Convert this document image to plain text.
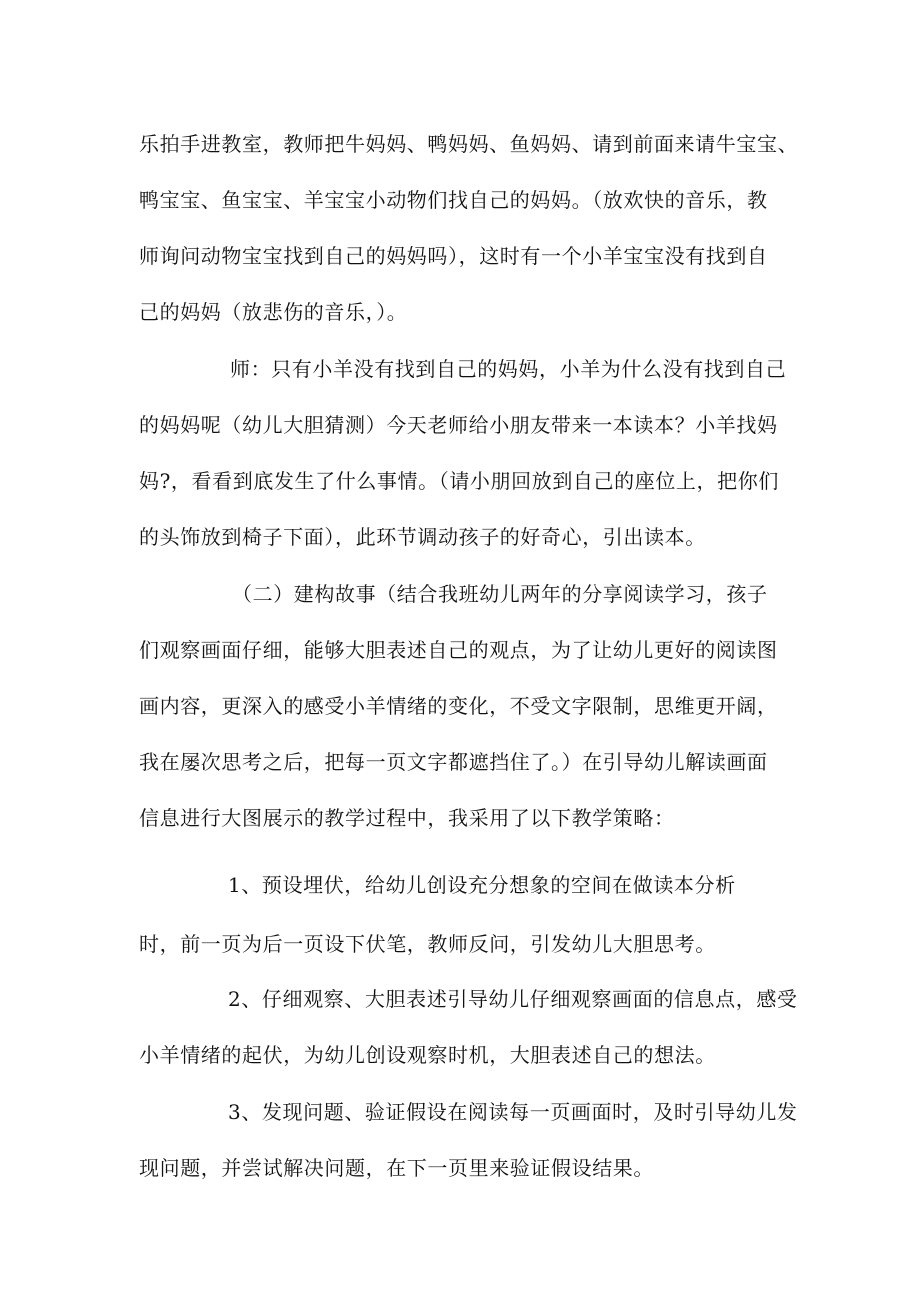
乐拍手进教室，教师把牛妈妈、鸭妈妈、鱼妈妈、请到前面来请牛宝宝、
鸭宝宝、鱼宝宝、羊宝宝小动物们找自己的妈妈。（放欢快的音乐，教
师询问动物宝宝找到自己的妈妈吗），这时有一个小羊宝宝没有找到自
己的妈妈（放悲伤的音乐，）。
师：只有小羊没有找到自己的妈妈，小羊为什么没有找到自己
的妈妈呢（幼儿大胆猜测）今天老师给小朋友带来一本读本？小羊找妈
妈?，看看到底发生了什么事情。（请小朋回放到自己的座位上，把你们
的头饰放到椅子下面），此环节调动孩子的好奇心，引出读本。
（二）建构故事（结合我班幼儿两年的分享阅读学习，孩子
们观察画面仔细，能够大胆表述自己的观点，为了让幼儿更好的阅读图
画内容，更深入的感受小羊情绪的变化，不受文字限制，思维更开阔，
我在屡次思考之后，把每一页文字都遮挡住了。）在引导幼儿解读画面
信息进行大图展示的教学过程中，我采用了以下教学策略：
1、预设埋伏，给幼儿创设充分想象的空间在做读本分析
时，前一页为后一页设下伏笔，教师反问，引发幼儿大胆思考。
2、仔细观察、大胆表述引导幼儿仔细观察画面的信息点，感受
小羊情绪的起伏，为幼儿创设观察时机，大胆表述自己的想法。
3、发现问题、验证假设在阅读每一页画面时，及时引导幼儿发
现问题，并尝试解决问题，在下一页里来验证假设结果。
